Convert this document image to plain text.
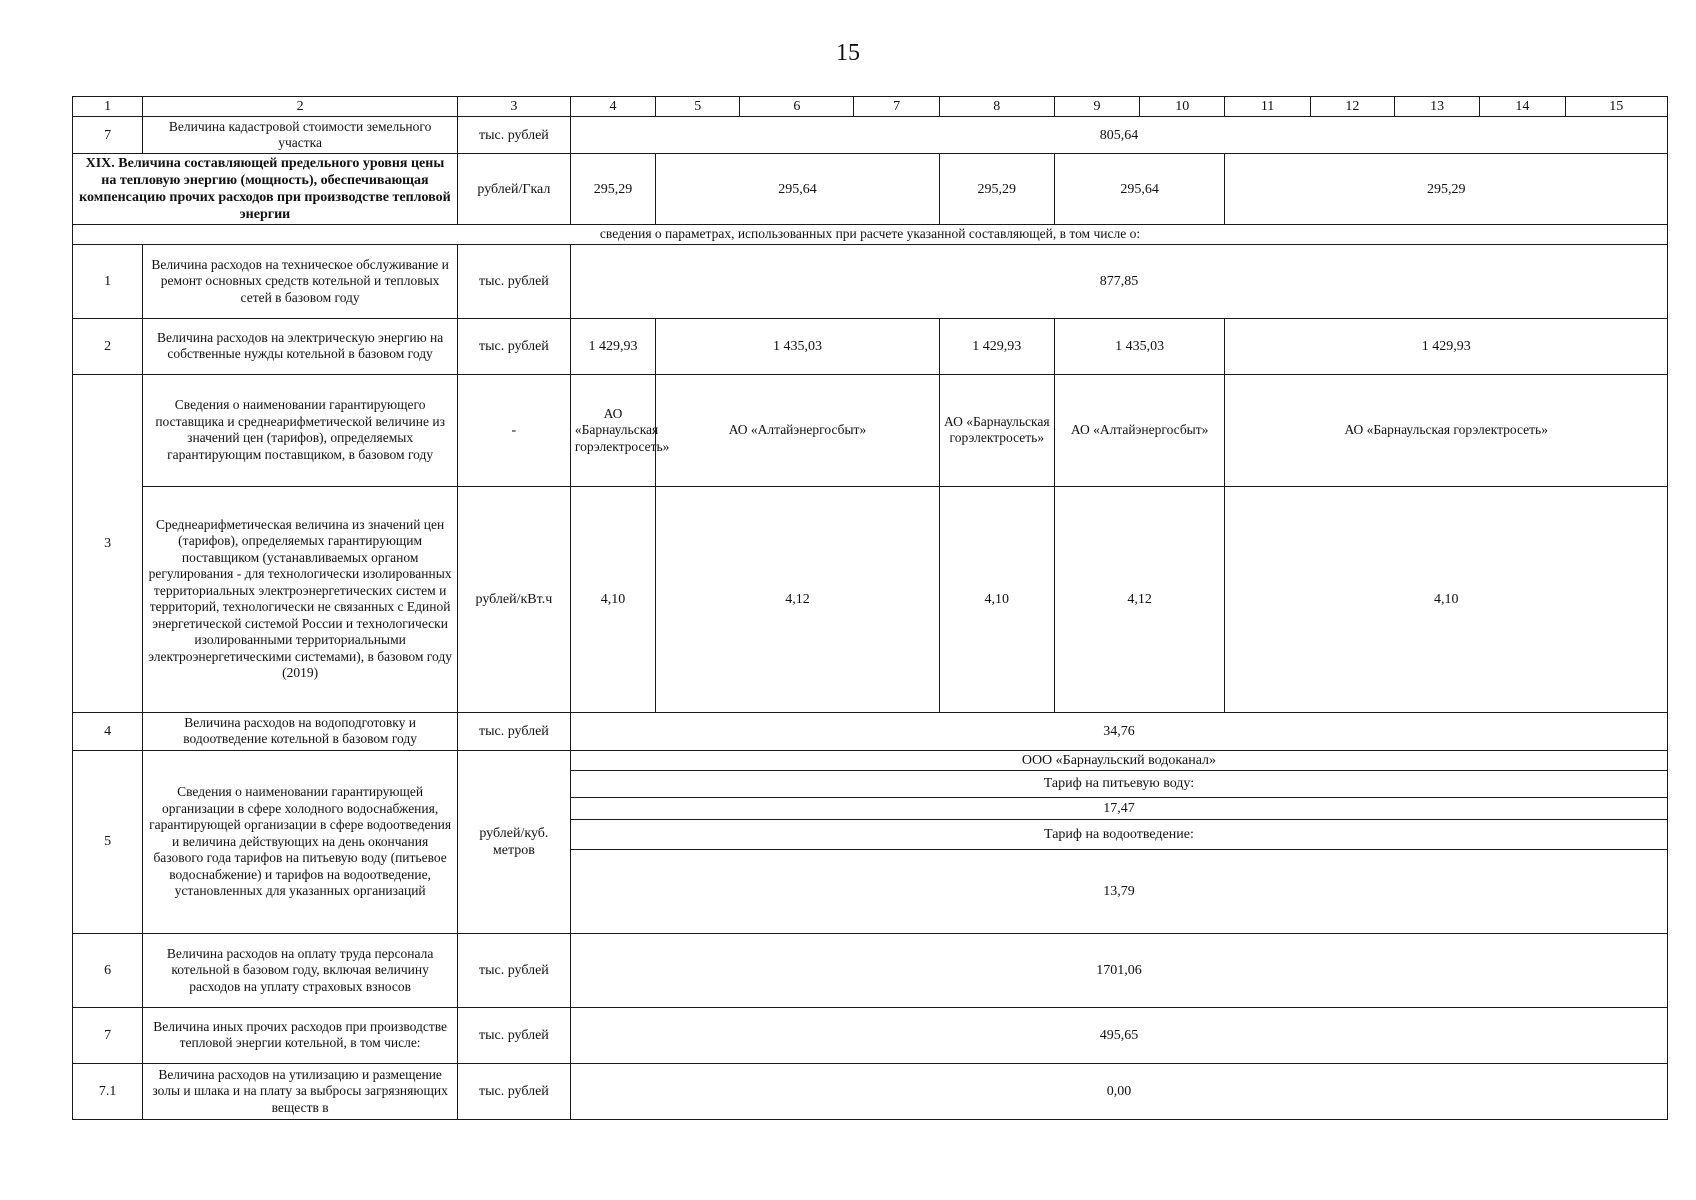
15
1	2	3	4	5	6	7	8	9	10	11	12	13	14	15
7	Величина кадастровой стоимости земельного участка	тыс. рублей	805,64											
XIX. Величина составляющей предельного уровня цены на тепловую энергию (мощность), обеспечивающая компенсацию прочих расходов при производстве тепловой энергии		рублей/Гкал	295,29	295,64			295,29	295,64		295,29				
сведения о параметрах, использованных при расчете указанной составляющей, в том числе о:														
1	Величина расходов на техническое обслуживание и ремонт основных средств котельной и тепловых сетей в базовом году	тыс. рублей	877,85											
2	Величина расходов на электрическую энергию на собственные нужды котельной в базовом году	тыс. рублей	1 429,93	1 435,03			1 429,93	1 435,03		1 429,93				
3	Сведения о наименовании гарантирующего поставщика и среднеарифметической величине из значений цен (тарифов), определяемых гарантирующим поставщиком, в базовом году	-	АО «Барнаульская горэлектросеть»	АО «Алтайэнергосбыт»			АО «Барнаульская горэлектросеть»	АО «Алтайэнергосбыт»		АО «Барнаульская горэлектросеть»				
	Среднеарифметическая величина из значений цен (тарифов), определяемых гарантирующим поставщиком (устанавливаемых органом регулирования - для технологически изолированных территориальных электроэнергетических систем и территорий, технологически не связанных с Единой энергетической системой России и технологически изолированными территориальными электроэнергетическими системами), в базовом году (2019)	рублей/кВт.ч	4,10	4,12			4,10	4,12		4,10				
4	Величина расходов на водоподготовку и водоотведение котельной в базовом году	тыс. рублей	34,76											
5	Сведения о наименовании гарантирующей организации в сфере холодного водоснабжения, гарантирующей организации в сфере водоотведения и величина действующих на день окончания базового года тарифов на питьевую воду (питьевое водоснабжение) и тарифов на водоотведение, установленных для указанных организаций	рублей/куб. метров	ООО «Барнаульский водоканал»											
			Тариф на питьевую воду:											
			17,47											
			Тариф на водоотведение:											
			13,79											
6	Величина расходов на оплату труда персонала котельной в базовом году, включая величину расходов на уплату страховых взносов	тыс. рублей	1701,06											
7	Величина иных прочих расходов при производстве тепловой энергии котельной, в том числе:	тыс. рублей	495,65											
7.1	Величина расходов на утилизацию и размещение золы и шлака и на плату за выбросы загрязняющих веществ в	тыс. рублей	0,00											
